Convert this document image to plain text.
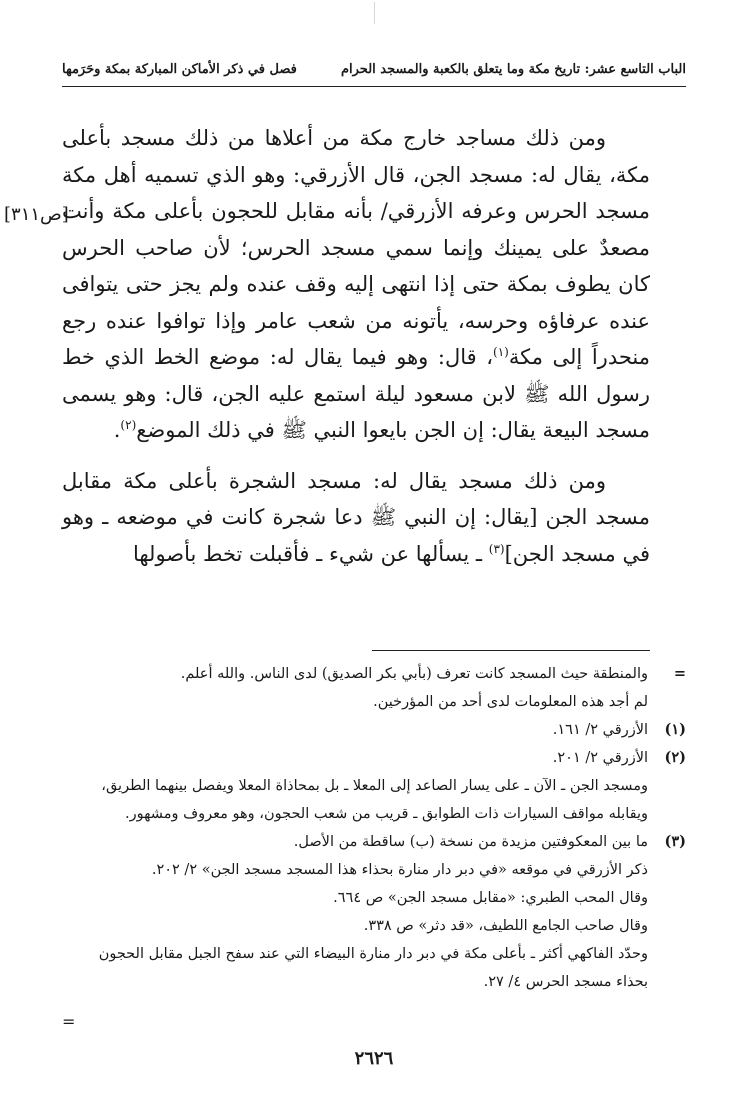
الباب التاسع عشر: تاريخ مكة وما يتعلق بالكعبة والمسجد الحرام
فصل في ذكر الأماكن المباركة بمكة وحَرَمها
[ص٣١١]

ومن ذلك مساجد خارج مكة من أعلاها من ذلك مسجد بأعلى مكة، يقال له: مسجد الجن، قال الأزرقي: وهو الذي تسميه أهل مكة مسجد الحرس وعرفه الأزرقي/ بأنه مقابل للحجون بأعلى مكة وأنت مصعدٌ على يمينك وإنما سمي مسجد الحرس؛ لأن صاحب الحرس كان يطوف بمكة حتى إذا انتهى إليه وقف عنده ولم يجز حتى يتوافى عنده عرفاؤه وحرسه، يأتونه من شعب عامر وإذا توافوا عنده رجع منحدراً إلى مكة$^{(١)}$، قال: وهو فيما يقال له: موضع الخط الذي خط رسول الله ﷺ لابن مسعود ليلة استمع عليه الجن، قال: وهو يسمى مسجد البيعة يقال: إن الجن بايعوا النبي ﷺ في ذلك الموضع$^{(٢)}$.

ومن ذلك مسجد يقال له: مسجد الشجرة بأعلى مكة مقابل مسجد الجن [يقال: إن النبي ﷺ دعا شجرة كانت في موضعه ـ وهو في مسجد الجن]$^{(٣)}$ ـ يسألها عن شيء ـ فأقبلت تخط بأصولها

=
والمنطقة حيث المسجد كانت تعرف (بأبي بكر الصديق) لدى الناس. والله أعلم.
لم أجد هذه المعلومات لدى أحد من المؤرخين.
(١)
الأزرقي ٢/ ١٦١.
(٢)
الأزرقي ٢/ ٢٠١.
ومسجد الجن ـ الآن ـ على يسار الصاعد إلى المعلا ـ بل بمحاذاة المعلا ويفصل بينهما الطريق، ويقابله مواقف السيارات ذات الطوابق ـ قريب من شعب الحجون، وهو معروف ومشهور.
(٣)
ما بين المعكوفتين مزيدة من نسخة (ب) ساقطة من الأصل.
ذكر الأزرقي في موقعه «في دبر دار منارة بحذاء هذا المسجد مسجد الجن» ٢/ ٢٠٢.
وقال المحب الطبري: «مقابل مسجد الجن» ص ٦٦٤.
وقال صاحب الجامع اللطيف، «قد دثر» ص ٣٣٨.
وحدّد الفاكهي أكثر ـ بأعلى مكة في دبر دار منارة البيضاء التي عند سفح الجبل مقابل الحجون بحذاء مسجد الحرس ٤/ ٢٧.
=
٢٦٢٦
